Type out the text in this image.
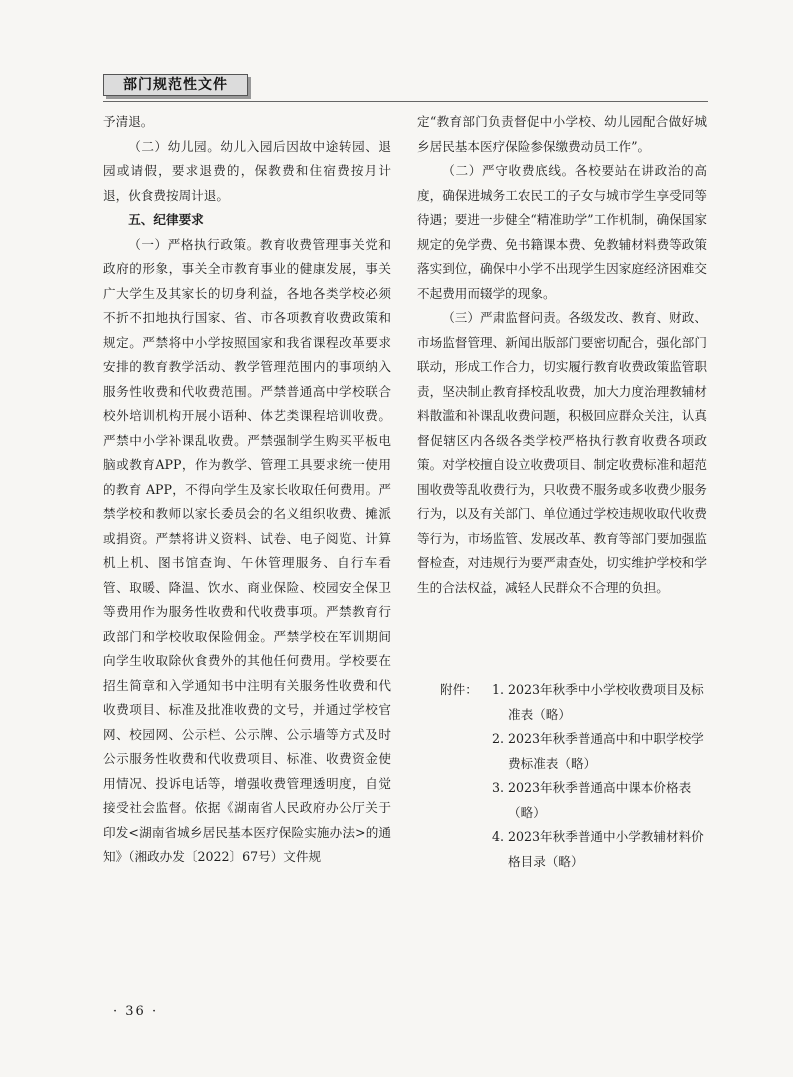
部门规范性文件

予清退。

（二）幼儿园。幼儿入园后因故中途转园、退园或请假，要求退费的，保教费和住宿费按月计退，伙食费按周计退。

五、纪律要求

（一）严格执行政策。教育收费管理事关党和政府的形象，事关全市教育事业的健康发展，事关广大学生及其家长的切身利益，各地各类学校必须不折不扣地执行国家、省、市各项教育收费政策和规定。严禁将中小学按照国家和我省课程改革要求安排的教育教学活动、教学管理范围内的事项纳入服务性收费和代收费范围。严禁普通高中学校联合校外培训机构开展小语种、体艺类课程培训收费。严禁中小学补课乱收费。严禁强制学生购买平板电脑或教育APP，作为教学、管理工具要求统一使用的教育 APP，不得向学生及家长收取任何费用。严禁学校和教师以家长委员会的名义组织收费、摊派或捐资。严禁将讲义资料、试卷、电子阅览、计算机上机、图书馆查询、午休管理服务、自行车看管、取暖、降温、饮水、商业保险、校园安全保卫等费用作为服务性收费和代收费事项。严禁教育行政部门和学校收取保险佣金。严禁学校在军训期间向学生收取除伙食费外的其他任何费用。学校要在招生简章和入学通知书中注明有关服务性收费和代收费项目、标准及批准收费的文号，并通过学校官网、校园网、公示栏、公示牌、公示墙等方式及时公示服务性收费和代收费项目、标准、收费资金使用情况、投诉电话等，增强收费管理透明度，自觉接受社会监督。依据《湖南省人民政府办公厅关于印发<湖南省城乡居民基本医疗保险实施办法>的通知》（湘政办发〔2022〕67号）文件规

定“教育部门负责督促中小学校、幼儿园配合做好城乡居民基本医疗保险参保缴费动员工作”。

（二）严守收费底线。各校要站在讲政治的高度，确保进城务工农民工的子女与城市学生享受同等待遇；要进一步健全“精准助学”工作机制，确保国家规定的免学费、免书籍课本费、免教辅材料费等政策落实到位，确保中小学不出现学生因家庭经济困难交不起费用而辍学的现象。

（三）严肃监督问责。各级发改、教育、财政、市场监督管理、新闻出版部门要密切配合，强化部门联动，形成工作合力，切实履行教育收费政策监管职责，坚决制止教育择校乱收费，加大力度治理教辅材料散滥和补课乱收费问题，积极回应群众关注，认真督促辖区内各级各类学校严格执行教育收费各项政策。对学校擅自设立收费项目、制定收费标准和超范围收费等乱收费行为，只收费不服务或多收费少服务行为，以及有关部门、单位通过学校违规收取代收费等行为，市场监管、发展改革、教育等部门要加强监督检查，对违规行为要严肃查处，切实维护学校和学生的合法权益，减轻人民群众不合理的负担。

附件：	1. 2023年秋季中小学校收费项目及标准表（略）
2. 2023年秋季普通高中和中职学校学费标准表（略）
3. 2023年秋季普通高中课本价格表（略）
4. 2023年秋季普通中小学教辅材料价格目录（略）
· 36 ·
